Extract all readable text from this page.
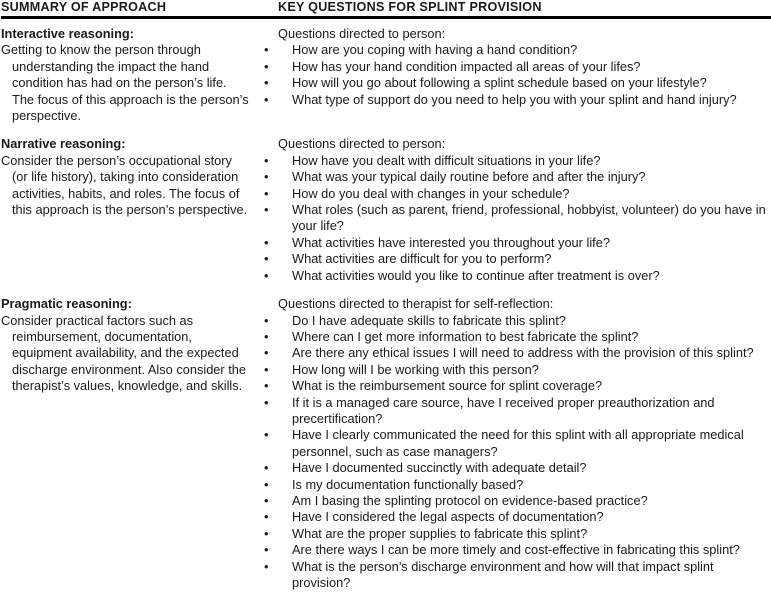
SUMMARY OF APPROACH	KEY QUESTIONS FOR SPLINT PROVISION
Interactive reasoning:
Getting to know the person through understanding the impact the hand condition has had on the person’s life. The focus of this approach is the person’s perspective.
Questions directed to person:
• How are you coping with having a hand condition?
• How has your hand condition impacted all areas of your lifes?
• How will you go about following a splint schedule based on your lifestyle?
• What type of support do you need to help you with your splint and hand injury?
Narrative reasoning:
Consider the person’s occupational story (or life history), taking into consideration activities, habits, and roles. The focus of this approach is the person’s perspective.
Questions directed to person:
• How have you dealt with difficult situations in your life?
• What was your typical daily routine before and after the injury?
• How do you deal with changes in your schedule?
• What roles (such as parent, friend, professional, hobbyist, volunteer) do you have in your life?
• What activities have interested you throughout your life?
• What activities are difficult for you to perform?
• What activities would you like to continue after treatment is over?
Pragmatic reasoning:
Consider practical factors such as reimbursement, documentation, equipment availability, and the expected discharge environment. Also consider the therapist’s values, knowledge, and skills.
Questions directed to therapist for self-reflection:
• Do I have adequate skills to fabricate this splint?
• Where can I get more information to best fabricate the splint?
• Are there any ethical issues I will need to address with the provision of this splint?
• How long will I be working with this person?
• What is the reimbursement source for splint coverage?
• If it is a managed care source, have I received proper preauthorization and precertification?
• Have I clearly communicated the need for this splint with all appropriate medical personnel, such as case managers?
• Have I documented succinctly with adequate detail?
• Is my documentation functionally based?
• Am I basing the splinting protocol on evidence-based practice?
• Have I considered the legal aspects of documentation?
• What are the proper supplies to fabricate this splint?
• Are there ways I can be more timely and cost-effective in fabricating this splint?
• What is the person’s discharge environment and how will that impact splint provision?
